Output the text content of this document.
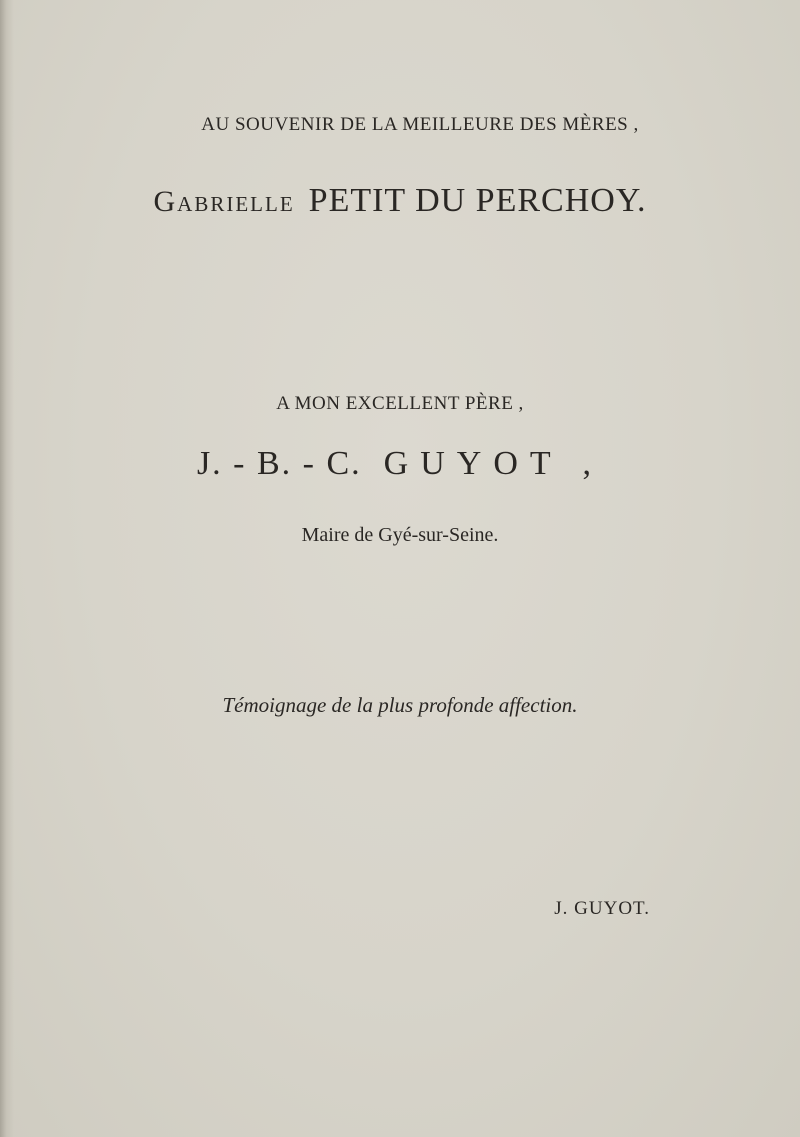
AU SOUVENIR DE LA MEILLEURE DES MÈRES ,
Gabrielle PETIT DU PERCHOY.
A MON EXCELLENT PÈRE ,
J. - B. - C. GUYOT ,
Maire de Gyé-sur-Seine.
Témoignage de la plus profonde affection.
J. GUYOT.
